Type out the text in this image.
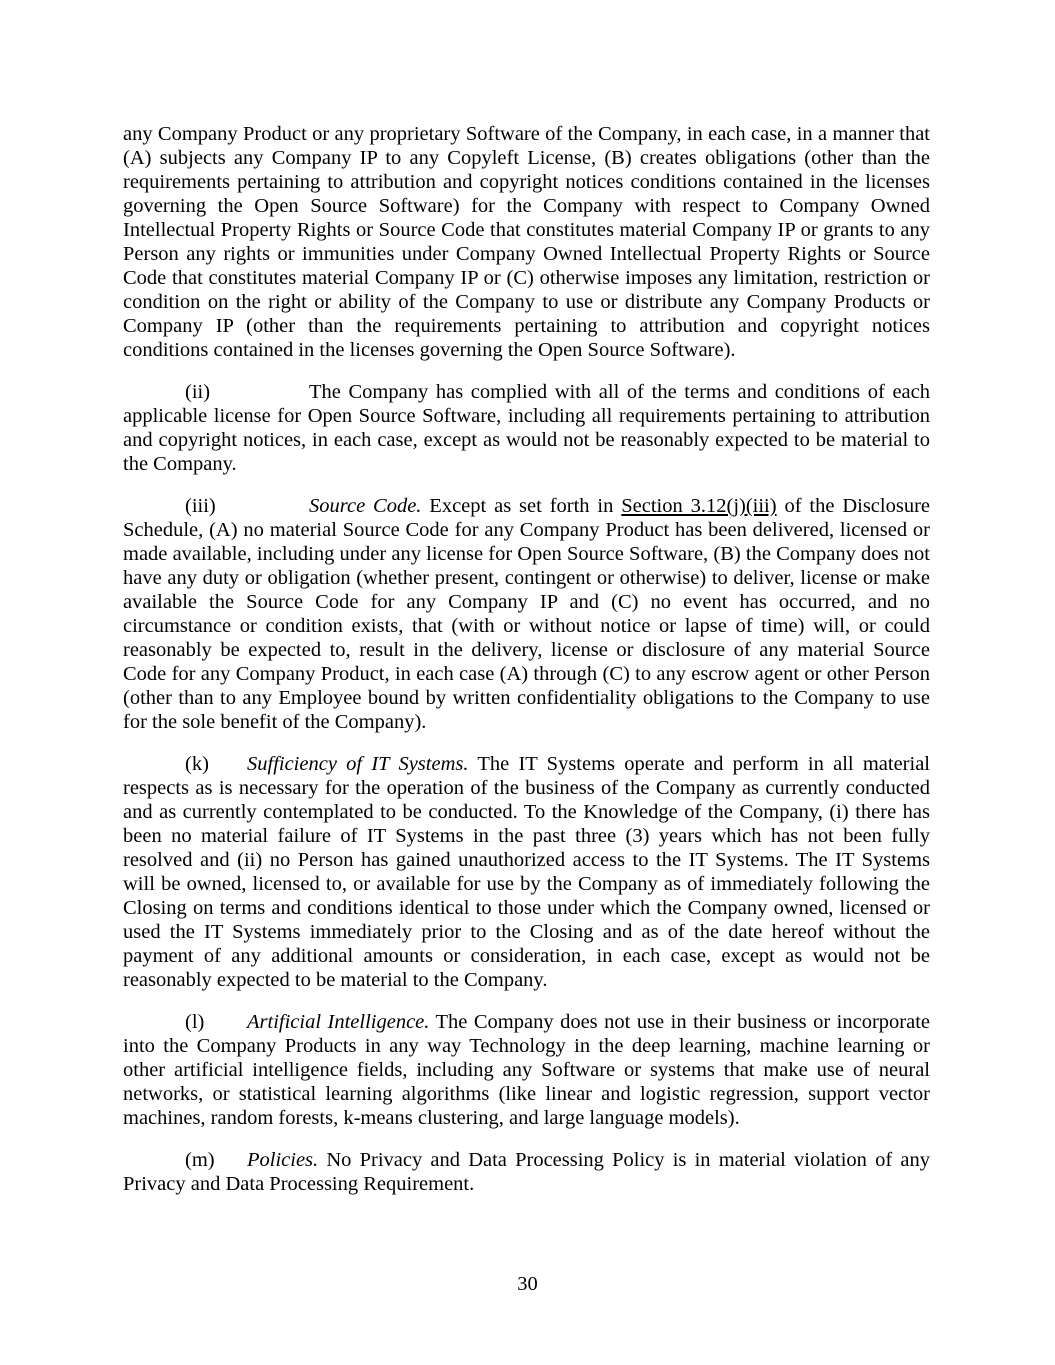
any Company Product or any proprietary Software of the Company, in each case, in a manner that (A) subjects any Company IP to any Copyleft License, (B) creates obligations (other than the requirements pertaining to attribution and copyright notices conditions contained in the licenses governing the Open Source Software) for the Company with respect to Company Owned Intellectual Property Rights or Source Code that constitutes material Company IP or grants to any Person any rights or immunities under Company Owned Intellectual Property Rights or Source Code that constitutes material Company IP or (C) otherwise imposes any limitation, restriction or condition on the right or ability of the Company to use or distribute any Company Products or Company IP (other than the requirements pertaining to attribution and copyright notices conditions contained in the licenses governing the Open Source Software).

(ii)	The Company has complied with all of the terms and conditions of each applicable license for Open Source Software, including all requirements pertaining to attribution and copyright notices, in each case, except as would not be reasonably expected to be material to the Company.

(iii)	Source Code. Except as set forth in Section 3.12(j)(iii) of the Disclosure Schedule, (A) no material Source Code for any Company Product has been delivered, licensed or made available, including under any license for Open Source Software, (B) the Company does not have any duty or obligation (whether present, contingent or otherwise) to deliver, license or make available the Source Code for any Company IP and (C) no event has occurred, and no circumstance or condition exists, that (with or without notice or lapse of time) will, or could reasonably be expected to, result in the delivery, license or disclosure of any material Source Code for any Company Product, in each case (A) through (C) to any escrow agent or other Person (other than to any Employee bound by written confidentiality obligations to the Company to use for the sole benefit of the Company).

(k) Sufficiency of IT Systems. The IT Systems operate and perform in all material respects as is necessary for the operation of the business of the Company as currently conducted and as currently contemplated to be conducted. To the Knowledge of the Company, (i) there has been no material failure of IT Systems in the past three (3) years which has not been fully resolved and (ii) no Person has gained unauthorized access to the IT Systems. The IT Systems will be owned, licensed to, or available for use by the Company as of immediately following the Closing on terms and conditions identical to those under which the Company owned, licensed or used the IT Systems immediately prior to the Closing and as of the date hereof without the payment of any additional amounts or consideration, in each case, except as would not be reasonably expected to be material to the Company.

(l) Artificial Intelligence. The Company does not use in their business or incorporate into the Company Products in any way Technology in the deep learning, machine learning or other artificial intelligence fields, including any Software or systems that make use of neural networks, or statistical learning algorithms (like linear and logistic regression, support vector machines, random forests, k-means clustering, and large language models).

(m) Policies. No Privacy and Data Processing Policy is in material violation of any Privacy and Data Processing Requirement.

30
